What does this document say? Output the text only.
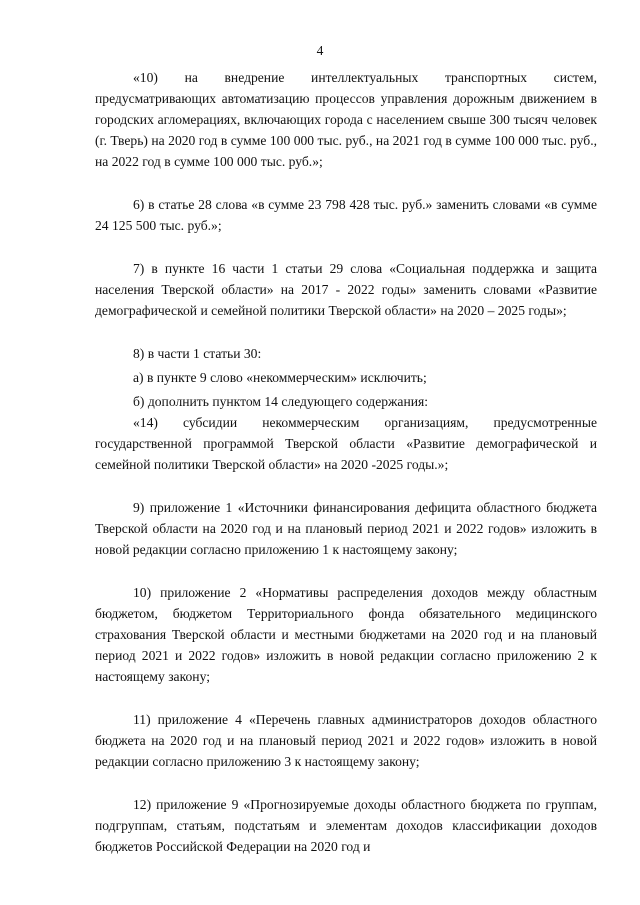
4

«10) на внедрение интеллектуальных транспортных систем, предусматривающих автоматизацию процессов управления дорожным движением в городских агломерациях, включающих города с населением свыше 300 тысяч человек (г. Тверь) на 2020 год в сумме 100 000 тыс. руб., на 2021 год в сумме 100 000 тыс. руб., на 2022 год в сумме 100 000 тыс. руб.»;

6) в статье 28 слова «в сумме 23 798 428 тыс. руб.» заменить словами «в сумме 24 125 500 тыс. руб.»;

7) в пункте 16 части 1 статьи 29 слова «Социальная поддержка и защита населения Тверской области» на 2017 - 2022 годы» заменить словами «Развитие демографической и семейной политики Тверской области» на 2020 – 2025 годы»;

8) в части 1 статьи 30:

а) в пункте 9 слово «некоммерческим» исключить;

б) дополнить пунктом 14 следующего содержания:

«14) субсидии некоммерческим организациям, предусмотренные государственной программой Тверской области «Развитие демографической и семейной политики Тверской области» на 2020 -2025 годы.»;

9) приложение 1 «Источники финансирования дефицита областного бюджета Тверской области на 2020 год и на плановый период 2021 и 2022 годов» изложить в новой редакции согласно приложению 1 к настоящему закону;

10) приложение 2 «Нормативы распределения доходов между областным бюджетом, бюджетом Территориального фонда обязательного медицинского страхования Тверской области и местными бюджетами на 2020 год и на плановый период 2021 и 2022 годов» изложить в новой редакции согласно приложению 2 к настоящему закону;

11) приложение 4 «Перечень главных администраторов доходов областного бюджета на 2020 год и на плановый период 2021 и 2022 годов» изложить в новой редакции согласно приложению 3 к настоящему закону;

12) приложение 9 «Прогнозируемые доходы областного бюджета по группам, подгруппам, статьям, подстатьям и элементам доходов классификации доходов бюджетов Российской Федерации на 2020 год и
